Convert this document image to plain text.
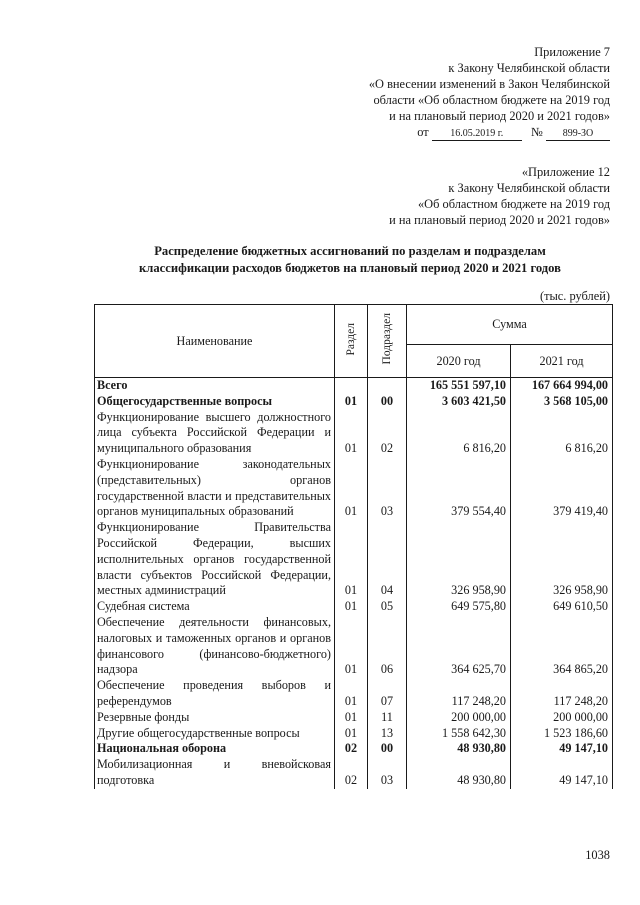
Приложение 7
к Закону Челябинской области
«О внесении изменений в Закон Челябинской
области «Об областном бюджете на 2019 год
и на плановый период 2020 и 2021 годов»
от 16.05.2019 г. № 899-ЗО
«Приложение 12
к Закону Челябинской области
«Об областном бюджете на 2019 год
и на плановый период 2020 и 2021 годов»
Распределение бюджетных ассигнований по разделам и подразделам
классификации расходов бюджетов на плановый период 2020 и 2021 годов
(тыс. рублей)
Наименование	Раздел	Подраздел	Сумма	
			2020 год	2021 год
Всего			165 551 597,10	167 664 994,00
Общегосударственные вопросы	01	00	3 603 421,50	3 568 105,00
Функционирование высшего должностного лица субъекта Российской Федерации и муниципального образования	01	02	6 816,20	6 816,20
Функционирование законодательных (представительных) органов государственной власти и представительных органов муниципальных образований	01	03	379 554,40	379 419,40
Функционирование Правительства Российской Федерации, высших исполнительных органов государственной власти субъектов Российской Федерации, местных администраций	01	04	326 958,90	326 958,90
Судебная система	01	05	649 575,80	649 610,50
Обеспечение деятельности финансовых, налоговых и таможенных органов и органов финансового (финансово-бюджетного) надзора	01	06	364 625,70	364 865,20
Обеспечение проведения выборов и референдумов	01	07	117 248,20	117 248,20
Резервные фонды	01	11	200 000,00	200 000,00
Другие общегосударственные вопросы	01	13	1 558 642,30	1 523 186,60
Национальная оборона	02	00	48 930,80	49 147,10
Мобилизационная и вневойсковая подготовка	02	03	48 930,80	49 147,10
1038
